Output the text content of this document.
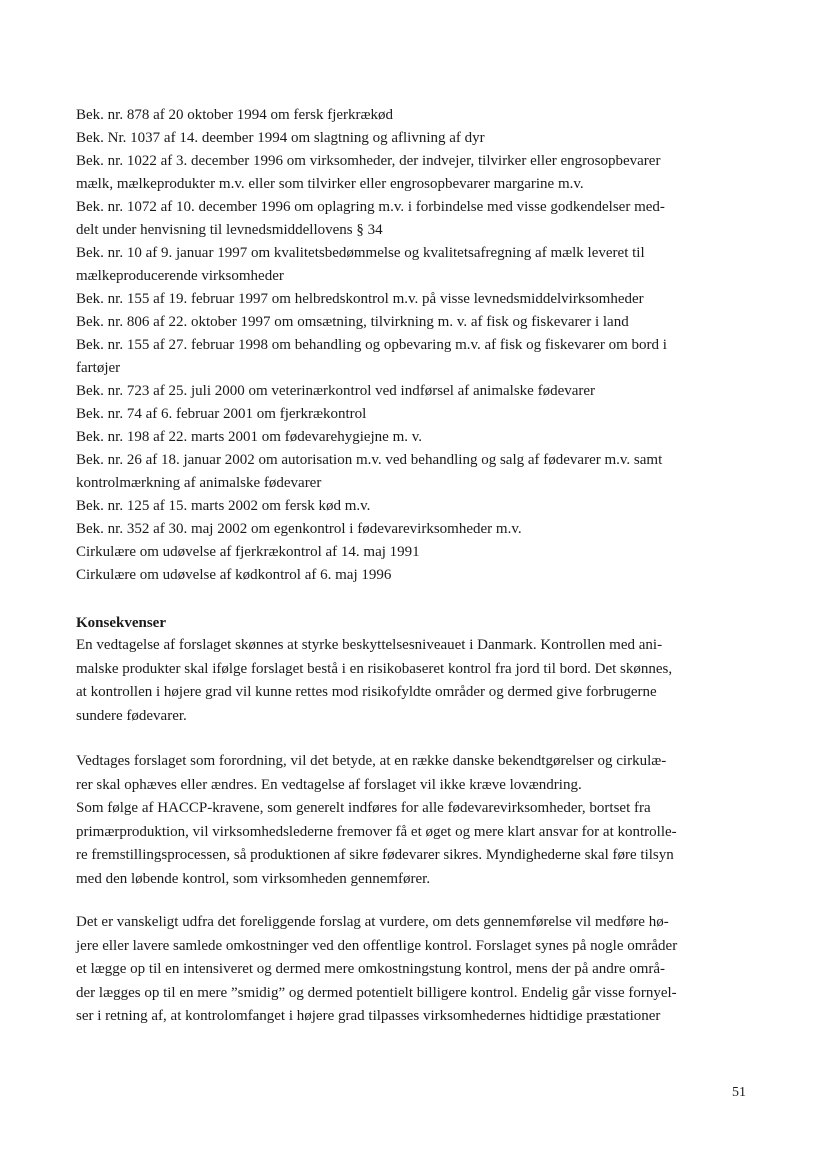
Bek. nr. 878 af 20 oktober 1994 om fersk fjerkrækød

Bek. Nr. 1037 af 14. deember 1994 om slagtning og aflivning af dyr

Bek. nr. 1022 af 3. december 1996 om virksomheder, der indvejer, tilvirker eller engrosopbevarer
mælk, mælkeprodukter m.v. eller som tilvirker eller engrosopbevarer margarine m.v.

Bek. nr. 1072 af 10. december 1996 om oplagring m.v. i forbindelse med visse godkendelser med-
delt under henvisning til levnedsmiddellovens § 34

Bek. nr. 10 af 9. januar 1997 om kvalitetsbedømmelse og kvalitetsafregning af mælk leveret til
mælkeproducerende virksomheder

Bek. nr. 155 af 19. februar 1997 om helbredskontrol m.v. på visse levnedsmiddelvirksomheder

Bek. nr. 806 af 22. oktober 1997 om omsætning, tilvirkning m. v. af fisk og fiskevarer i land

Bek. nr. 155 af 27. februar 1998 om behandling og opbevaring m.v. af fisk og fiskevarer om bord i
fartøjer

Bek. nr. 723 af 25. juli 2000 om veterinærkontrol ved indførsel af animalske fødevarer

Bek. nr. 74 af 6. februar 2001 om fjerkrækontrol

Bek. nr. 198 af 22. marts 2001 om fødevarehygiejne m. v.

Bek. nr. 26 af 18. januar 2002 om autorisation m.v. ved behandling og salg af fødevarer m.v. samt
kontrolmærkning af animalske fødevarer

Bek. nr. 125 af 15. marts 2002 om fersk kød m.v.

Bek. nr. 352 af 30. maj 2002 om egenkontrol i fødevarevirksomheder m.v.

Cirkulære om udøvelse af fjerkrækontrol af 14. maj 1991

Cirkulære om udøvelse af kødkontrol af 6. maj 1996

Konsekvenser

En vedtagelse af forslaget skønnes at styrke beskyttelsesniveauet i Danmark. Kontrollen med ani-
malske produkter skal ifølge forslaget bestå i en risikobaseret kontrol fra jord til bord. Det skønnes,
at kontrollen i højere grad vil kunne rettes mod risikofyldte områder og dermed give forbrugerne
sundere fødevarer.

Vedtages forslaget som forordning, vil det betyde, at en række danske bekendtgørelser og cirkulæ-
rer skal ophæves eller ændres. En vedtagelse af forslaget vil ikke kræve lovændring.
Som følge af HACCP-kravene, som generelt indføres for alle fødevarevirksomheder, bortset fra
primærproduktion, vil virksomhedslederne fremover få et øget og mere klart ansvar for at kontrolle-
re fremstillingsprocessen, så produktionen af sikre fødevarer sikres. Myndighederne skal føre tilsyn
med den løbende kontrol, som virksomheden gennemfører.

Det er vanskeligt udfra det foreliggende forslag at vurdere, om dets gennemførelse vil medføre hø-
jere eller lavere samlede omkostninger ved den offentlige kontrol. Forslaget synes på nogle områder
et lægge op til en intensiveret og dermed mere omkostningstung kontrol, mens der på andre områ-
der lægges op til en mere ”smidig” og dermed potentielt billigere kontrol. Endelig går visse fornyel-
ser i retning af, at kontrolomfanget i højere grad tilpasses virksomhedernes hidtidige præstationer

51
